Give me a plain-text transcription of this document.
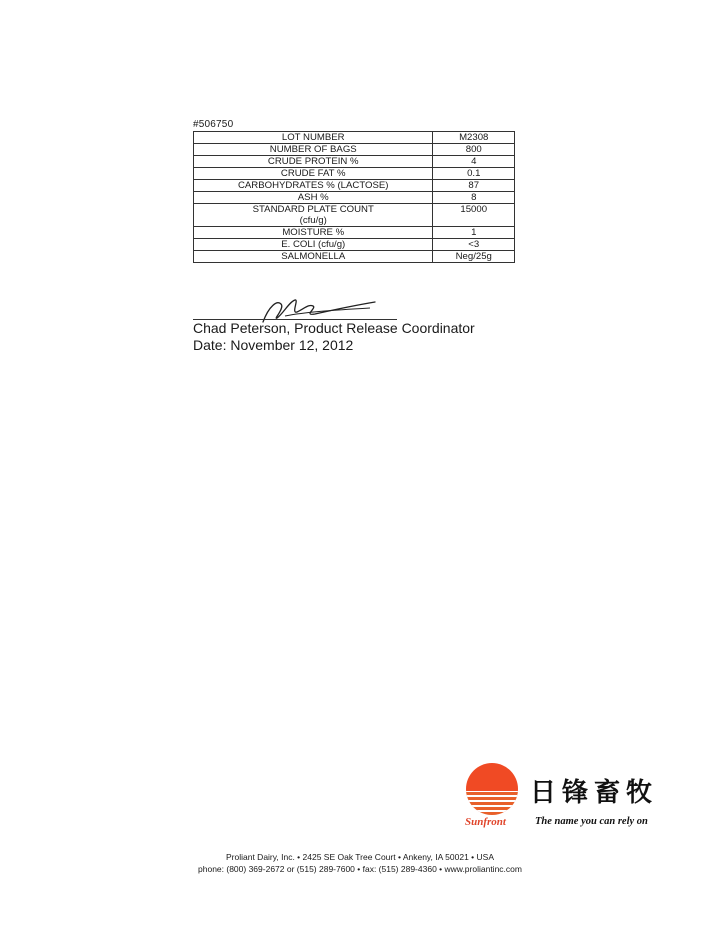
#506750
LOT NUMBER	M2308
NUMBER OF BAGS	800
CRUDE PROTEIN %	4
CRUDE FAT %	0.1
CARBOHYDRATES % (LACTOSE)	87
ASH %	8

STANDARD PLATE COUNT
(cfu/g)	15000
MOISTURE %	1
E. COLI (cfu/g)	<3
SALMONELLA	Neg/25g
Chad Peterson, Product Release Coordinator
Date: November 12, 2012
日锋畜牧
Sunfront	The name you can rely on
Proliant Dairy, Inc. • 2425 SE Oak Tree Court • Ankeny, IA 50021 • USA
phone: (800) 369-2672 or (515) 289-7600 • fax: (515) 289-4360 • www.proliantinc.com
